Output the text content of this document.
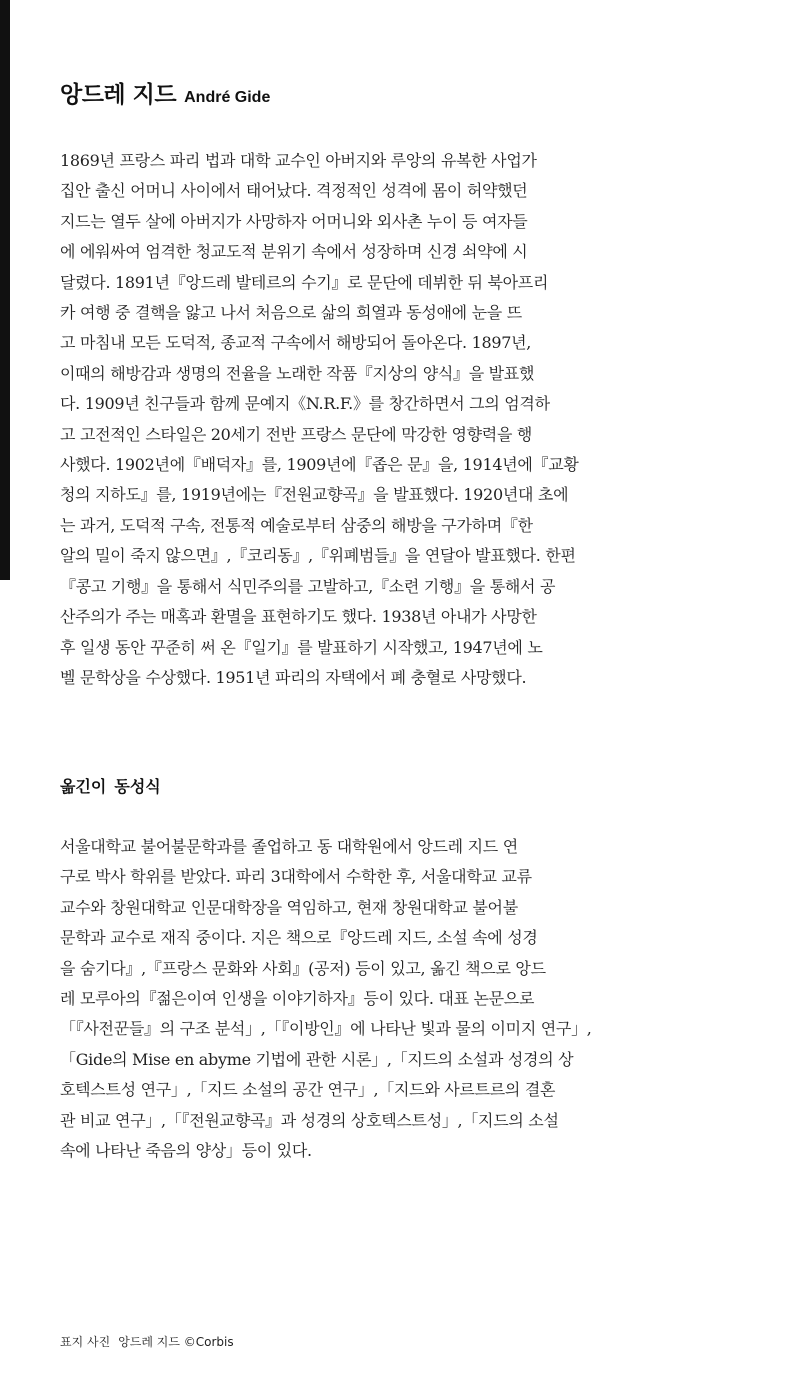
앙드레 지드 André Gide
1869년 프랑스 파리 법과 대학 교수인 아버지와 루앙의 유복한 사업가
집안 출신 어머니 사이에서 태어났다. 격정적인 성격에 몸이 허약했던
지드는 열두 살에 아버지가 사망하자 어머니와 외사촌 누이 등 여자들
에 에워싸여 엄격한 청교도적 분위기 속에서 성장하며 신경 쇠약에 시
달렸다. 1891년『앙드레 발테르의 수기』로 문단에 데뷔한 뒤 북아프리
카 여행 중 결핵을 앓고 나서 처음으로 삶의 희열과 동성애에 눈을 뜨
고 마침내 모든 도덕적, 종교적 구속에서 해방되어 돌아온다. 1897년,
이때의 해방감과 생명의 전율을 노래한 작품『지상의 양식』을 발표했
다. 1909년 친구들과 함께 문예지《N.R.F.》를 창간하면서 그의 엄격하
고 고전적인 스타일은 20세기 전반 프랑스 문단에 막강한 영향력을 행
사했다. 1902년에『배덕자』를, 1909년에『좁은 문』을, 1914년에『교황
청의 지하도』를, 1919년에는『전원교향곡』을 발표했다. 1920년대 초에
는 과거, 도덕적 구속, 전통적 예술로부터 삼중의 해방을 구가하며『한
알의 밀이 죽지 않으면』,『코리동』,『위폐범들』을 연달아 발표했다. 한편
『콩고 기행』을 통해서 식민주의를 고발하고,『소련 기행』을 통해서 공
산주의가 주는 매혹과 환멸을 표현하기도 했다. 1938년 아내가 사망한
후 일생 동안 꾸준히 써 온『일기』를 발표하기 시작했고, 1947년에 노
벨 문학상을 수상했다. 1951년 파리의 자택에서 폐 충혈로 사망했다.
옮긴이 동성식
서울대학교 불어불문학과를 졸업하고 동 대학원에서 앙드레 지드 연
구로 박사 학위를 받았다. 파리 3대학에서 수학한 후, 서울대학교 교류
교수와 창원대학교 인문대학장을 역임하고, 현재 창원대학교 불어불
문학과 교수로 재직 중이다. 지은 책으로『앙드레 지드, 소설 속에 성경
을 숨기다』,『프랑스 문화와 사회』(공저) 등이 있고, 옮긴 책으로 앙드
레 모루아의『젊은이여 인생을 이야기하자』등이 있다. 대표 논문으로
「『사전꾼들』의 구조 분석」,「『이방인』에 나타난 빛과 물의 이미지 연구」,
「Gide의 Mise en abyme 기법에 관한 시론」,「지드의 소설과 성경의 상
호텍스트성 연구」,「지드 소설의 공간 연구」,「지드와 사르트르의 결혼
관 비교 연구」,「『전원교향곡』과 성경의 상호텍스트성」,「지드의 소설
속에 나타난 죽음의 양상」등이 있다.
표지 사진 앙드레 지드 ©Corbis
